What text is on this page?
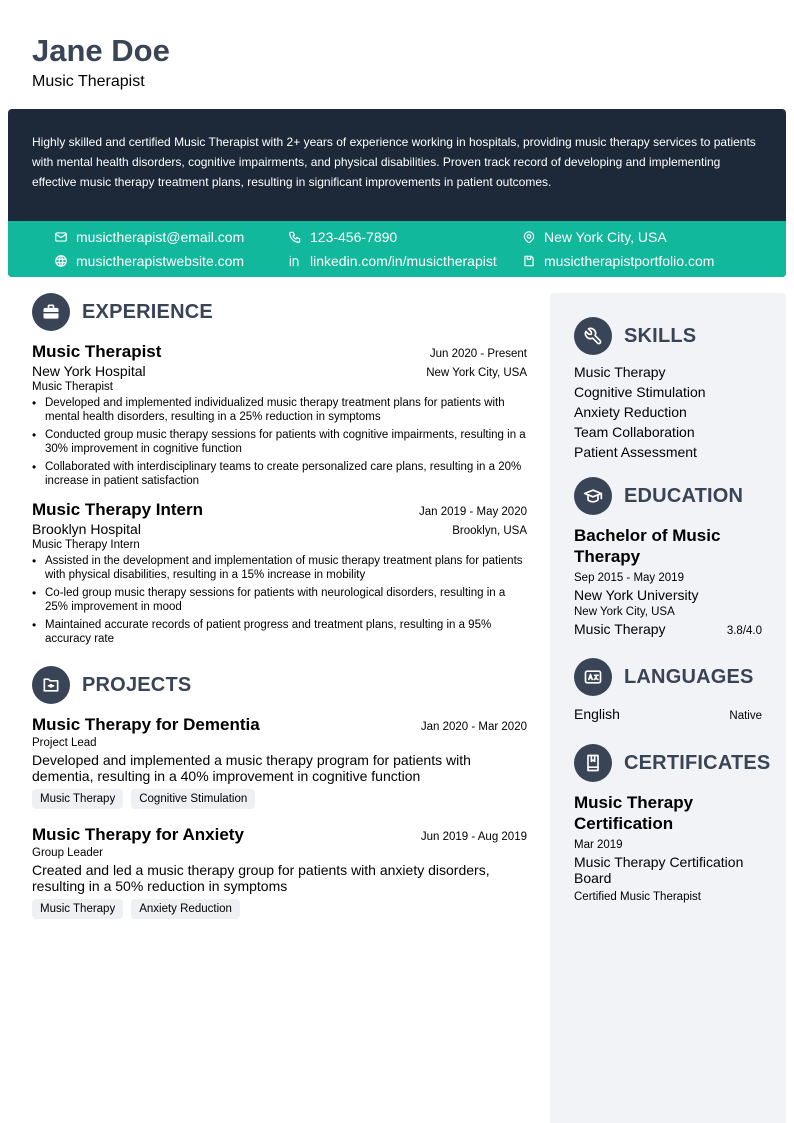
Jane Doe
Music Therapist
Highly skilled and certified Music Therapist with 2+ years of experience working in hospitals, providing music therapy services to patients with mental health disorders, cognitive impairments, and physical disabilities. Proven track record of developing and implementing effective music therapy treatment plans, resulting in significant improvements in patient outcomes.
musictherapist@email.com	123-456-7890	New York City, USA
musictherapistwebsite.com	linkedin.com/in/musictherapist	musictherapistportfolio.com
EXPERIENCE
Music Therapist	Jun 2020 - Present
New York Hospital	New York City, USA
Music Therapist
• Developed and implemented individualized music therapy treatment plans for patients with mental health disorders, resulting in a 25% reduction in symptoms
• Conducted group music therapy sessions for patients with cognitive impairments, resulting in a 30% improvement in cognitive function
• Collaborated with interdisciplinary teams to create personalized care plans, resulting in a 20% increase in patient satisfaction
Music Therapy Intern	Jan 2019 - May 2020
Brooklyn Hospital	Brooklyn, USA
Music Therapy Intern
• Assisted in the development and implementation of music therapy treatment plans for patients with physical disabilities, resulting in a 15% increase in mobility
• Co-led group music therapy sessions for patients with neurological disorders, resulting in a 25% improvement in mood
• Maintained accurate records of patient progress and treatment plans, resulting in a 95% accuracy rate
PROJECTS
Music Therapy for Dementia	Jan 2020 - Mar 2020
Project Lead
Developed and implemented a music therapy program for patients with dementia, resulting in a 40% improvement in cognitive function
Music Therapy	Cognitive Stimulation
Music Therapy for Anxiety	Jun 2019 - Aug 2019
Group Leader
Created and led a music therapy group for patients with anxiety disorders, resulting in a 50% reduction in symptoms
Music Therapy	Anxiety Reduction
SKILLS
Music Therapy
Cognitive Stimulation
Anxiety Reduction
Team Collaboration
Patient Assessment
EDUCATION
Bachelor of Music Therapy
Sep 2015 - May 2019
New York University
New York City, USA
Music Therapy	3.8/4.0
LANGUAGES
English	Native
CERTIFICATES
Music Therapy Certification
Mar 2019
Music Therapy Certification Board
Certified Music Therapist
